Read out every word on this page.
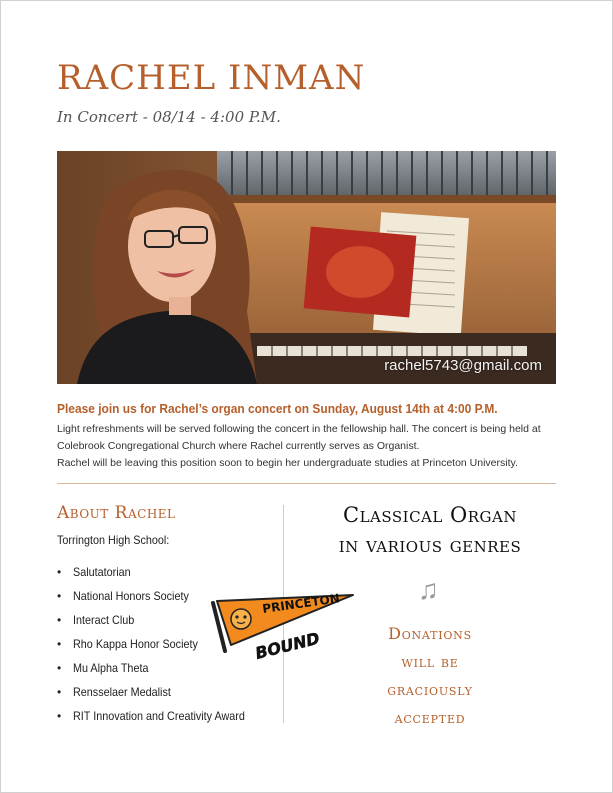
RACHEL INMAN
In Concert - 08/14 - 4:00 P.M.
rachel5743@gmail.com
Please join us for Rachel’s organ concert on Sunday, August 14th at 4:00 P.M.

Light refreshments will be served following the concert in the fellowship hall. The concert is being held at Colebrook Congregational Church where Rachel currently serves as Organist.

Rachel will be leaving this position soon to begin her undergraduate studies at Princeton University.

About Rachel
Torrington High School:
• Salutatorian
• National Honors Society
• Interact Club
• Rho Kappa Honor Society
• Mu Alpha Theta
• Rensselaer Medalist
• RIT Innovation and Creativity Award
PRINCETON
BOUND
Classical Organ
in various genres
♫
Donations
will be
graciously
accepted
